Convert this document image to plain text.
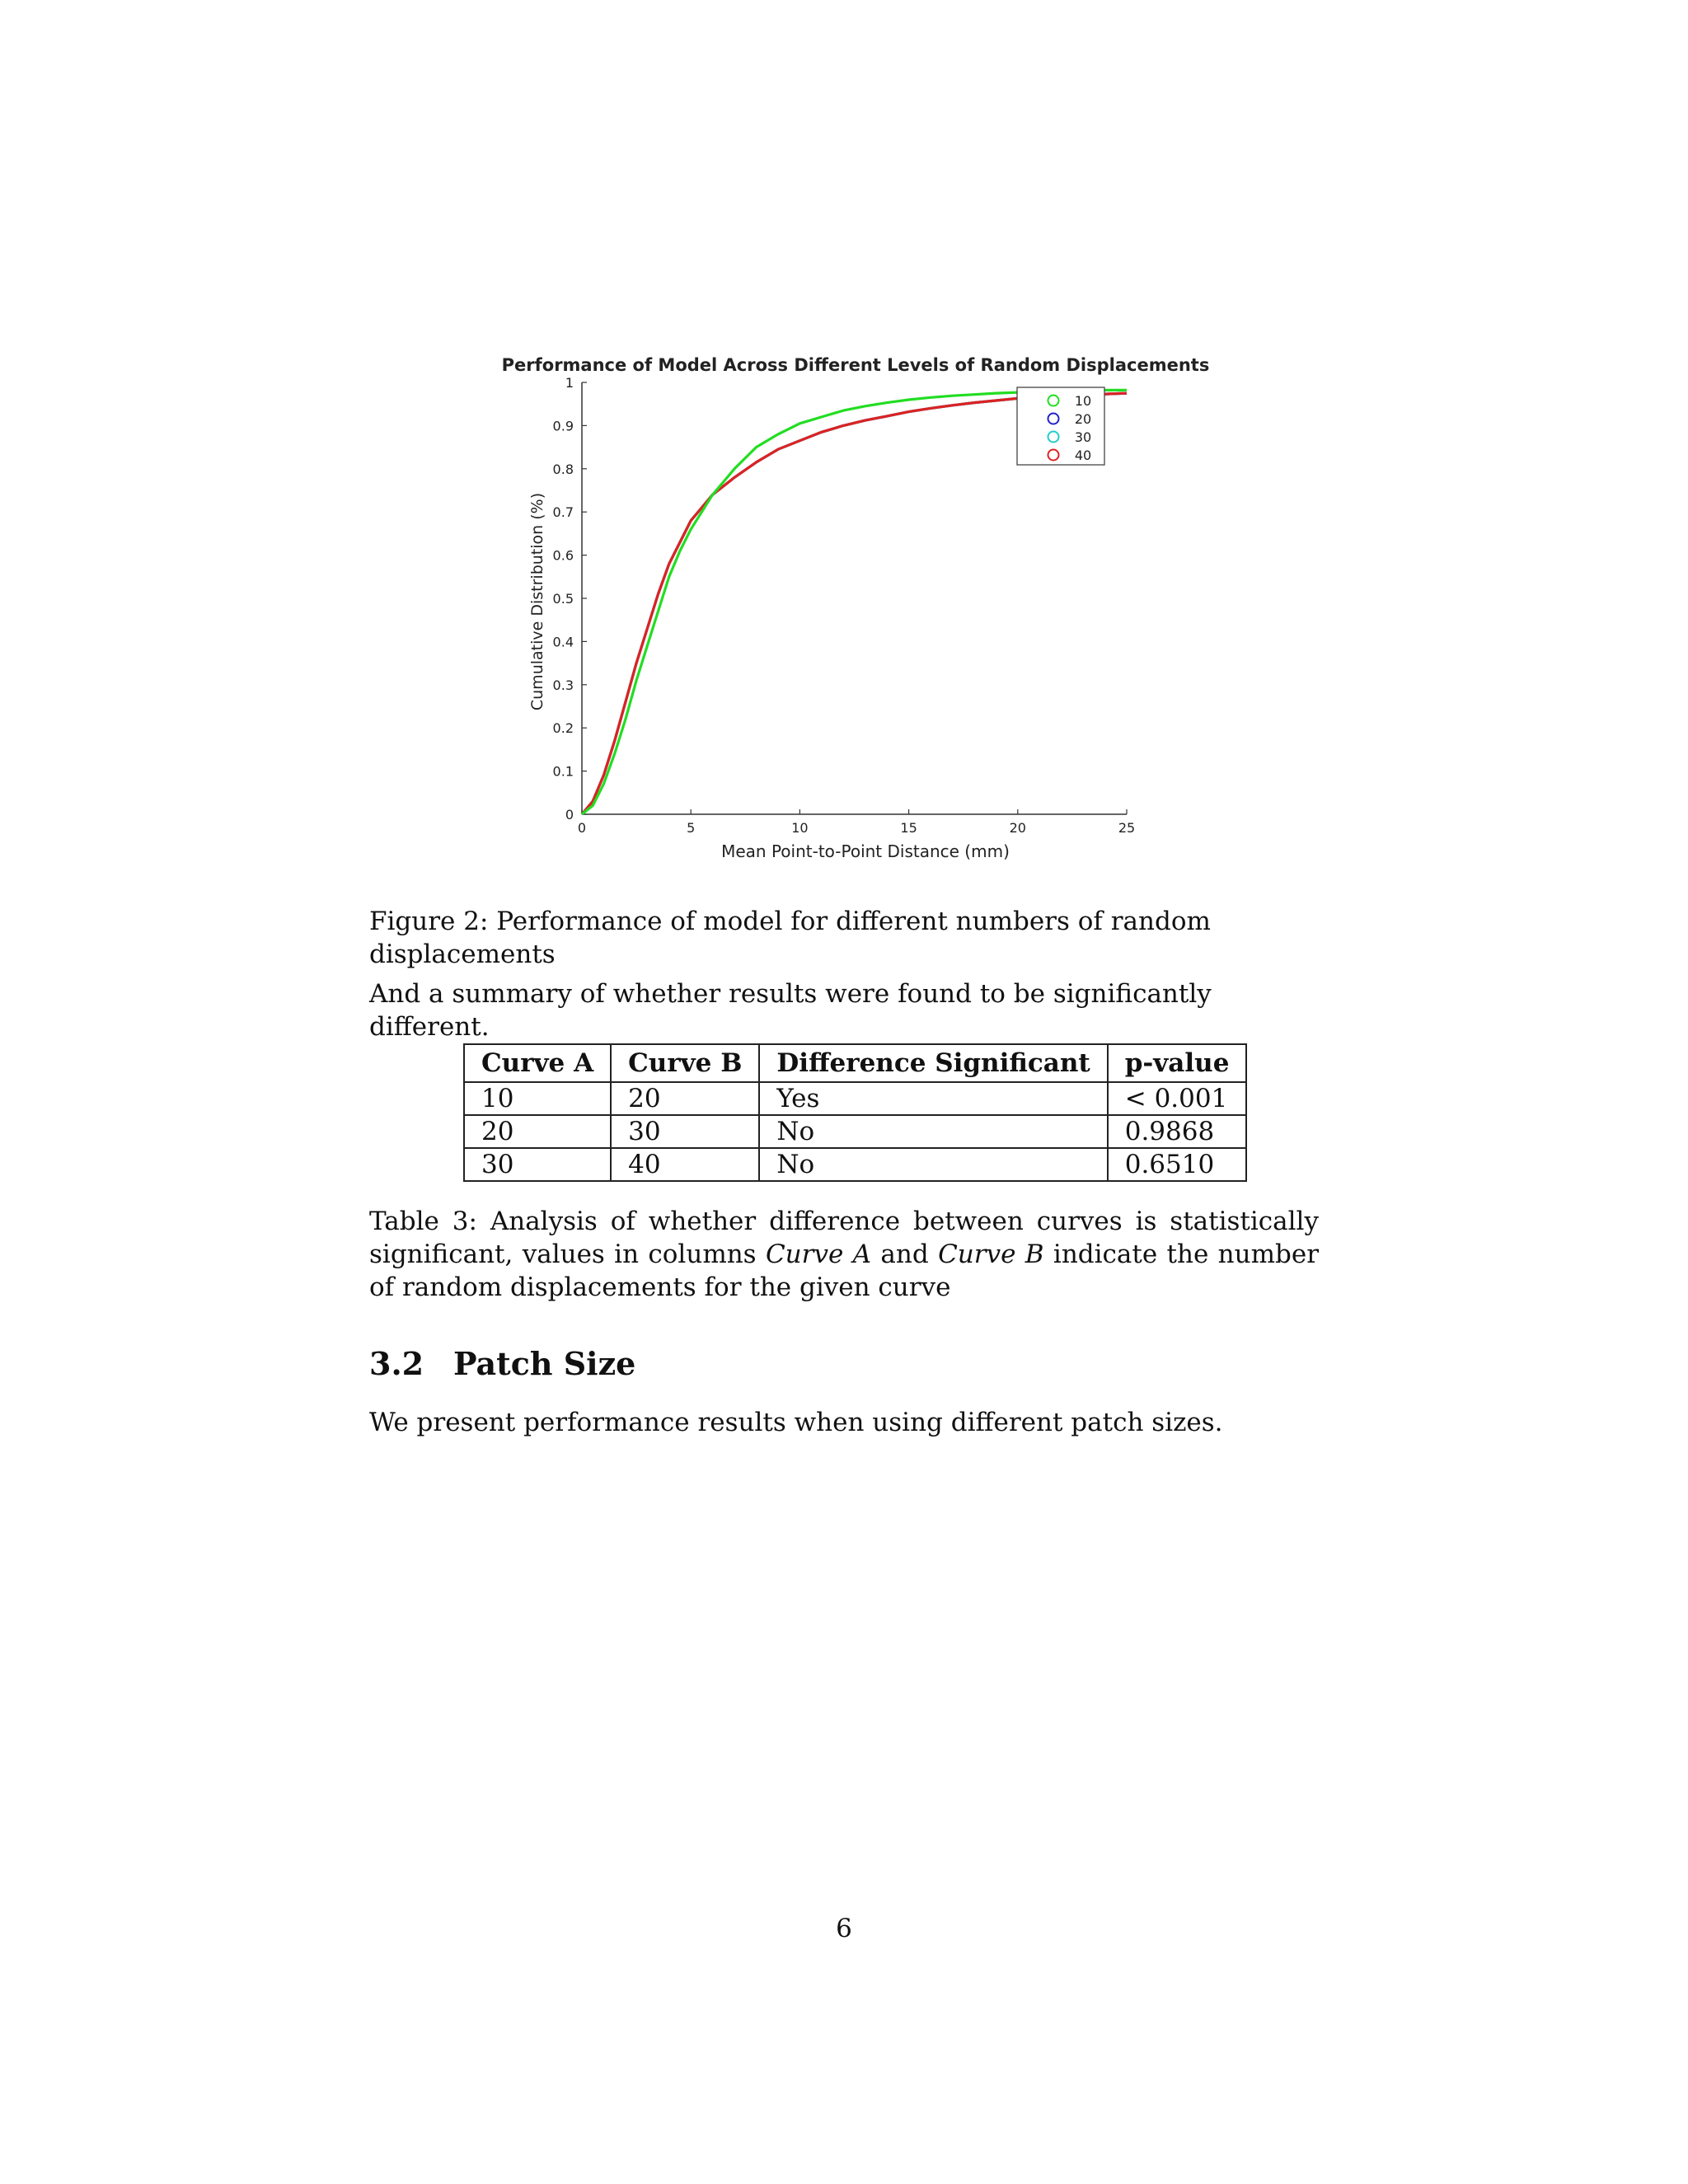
Performance of Model Across Different Levels of Random Displacements
Cumulative Distribution (%)
Mean Point-to-Point Distance (mm)
0	5	10	15	20	25
0
0.1
0.2
0.3
0.4
0.5
0.6
0.7
0.8
0.9
1
10
20
30
40
Figure 2: Performance of model for different numbers of random displacements
And a summary of whether results were found to be significantly different.
Curve A	Curve B	Difference Significant	p-value
10	20	Yes	< 0.001
20	30	No	0.9868
30	40	No	0.6510
Table 3: Analysis of whether difference between curves is statistically significant, values in columns Curve A and Curve B indicate the number of random displacements for the given curve
3.2 Patch Size
We present performance results when using different patch sizes.
6
